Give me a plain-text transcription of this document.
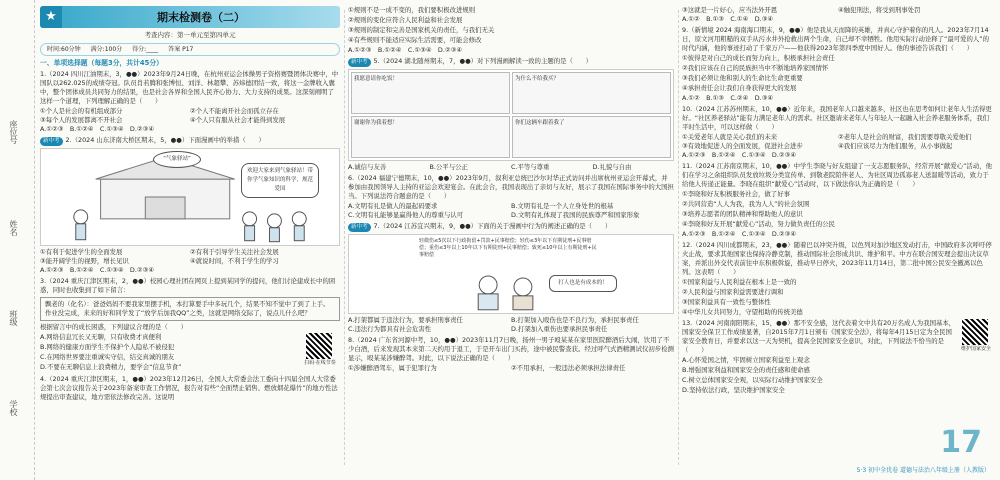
座位号
姓名
班级
学校
★	期末检测卷（二）
考查内容：第一单元至第四单元
时间:60分钟 满分:100分 得分:____ 答案 P17
一、单项选择题（每题3分，共计45分）

1.（2024 四川江油期末，3，●●）2023年9月24日晚，在杭州亚运会体操男子资格赛暨团体决赛中，中国队以262.025的成绩夺冠。队员肖若腾和张博恒、刘洋、林超攀、苏炜德团结一致，将这一金牌收入囊中，整个团体成员共同努力的结果，也是社会各界和全国人民齐心协力、大力支持的成果。这深刻阐明了这样一个道理，下列理解正确的是（　　）

①个人是社会的有机组成部分	②个人不能离开社会而孤立存在
③每个人的发展都离不开社会	④个人只有服从社会才能得到发展

A.①②③　B.①②④　C.①③④　D.②③④

新中考 2.（2024 山东济南大桥区期末，5，●●）下面漫画中的举措（　　）

“气象驿站”
欢迎大家来到气象驿站！带你学气象知识的科学，规范爱国
①有利于促进学生的全面发展	②有利于引导学生关注社会发展
③能开阔学生的视野，增长见识	④就说时间，不利于学生的学习

A.①②③　B.①②④　C.①③④　D.②③④

3.（2024 重庆江津区期末，2，●●）校园心理社团在网页上提到某同学的提问，他们讨论建成长中的困惑，同时也收集到了如下留言：

飘老的（化名）：爸爸妈妈不要我家里摆手机，本打算要手中多玩几个，结果不知不觉中了到了上手。作业没完成，来来的好和同学发了“放学后加我QQ”之类，这就是网络交际了，说点儿什么吧？

根据留言中的成长困惑，下列建议合理的是（　　）

A.网络信息冗长又无聊，只有收费才真便利

B.网络的健康方面学生不保护个人隐私不被侵犯

C.在网络世界要注重诚实守信，结交真诚的朋友

D.不要在无聊信息上浪费精力，要学会“信息节食”	扫码·在线节奏

4.（2024 重庆江津区期末，1，●●）2023年12月26日，全国人大常委会法工委向十四届全国人大常委会第七次会议报告关于2023年备案审查工作情况，报告对有些“全面禁止销售、燃放烟花爆竹”的地方性法规提出审查建议，地方需依法修改完善。这说明

①规则不是一成不变的，我们要积极改进规则

②规则的变化应符合人民利益和社会发展

③规则的制定和完善是国家机关的责任，与我们无关

④有些规则不能适应实际生活需要，可能会修改

A.①②③　B.①②④　C.①③④　D.②③④

新中考 5.（2024 湖北随州期末，7，●●）对下列漫画解读一致的主题的是（　　）

我愿意请你吃饭！	为什么不给我买？
谢谢你为我着想！	你们这辆车跟着我了
A.诚信与友善	B.公平与公正	C.平等与尊重	D.礼貌与自由

6.（2024 福建宁德期末，10，●●）2023年9月，叙利亚总统巴沙尔对华正式访问并出席杭州亚运会开幕式，并参加由我国领导人主持的亚运会欢迎宴会。在此会合，我国表现出了亲切与友好，展示了我国在国际事务中的大国担当。下列说法符合题意的是（　　）

A.文明有礼是做人的最起码要求	B.文明有礼是一个人立身处世的根基
C.文明有礼能够显赢得他人的尊重与认可	D.文明有礼体现了我国的民族尊严和国家形象

新中考 7.（2024 江苏宜兴期末，9，●●）下面的关于漫画中行为的阐述正确的是（　　）

轻微伤≤5次以下行政拘留+罚款+民事赔偿；轻伤≤3年以下有期徒刑+民事赔偿；重伤≤3年以上10年以下有期徒刑+民事赔偿；致死≤10年以上有期徒刑+民事赔偿
打人也是有成本的！
A.打架都属于违法行为，要承担刑事责任	B.打架加入殴伤也是不良行为，承担民事责任
C.违法行为都具有社会危害性	D.打架加入重伤也要承担民事责任

8.（2024 广东省河源中考，10，●●）2023年11月7日晚，扬州一男子殴某某在家里医院醉酒后大闹，饮用了不少白酒，后来发现其本来第二天约用于退工，于是开车出门买药，途中被民警查获。经过呼气式酒精测试仪初步检测显示，殴某某涉嫌醉驾。对此，以下说法正确的是（　　）

①涉嫌醉酒驾车，属于犯罪行为	②不用承担，一般违法必须承担法律责任
③这就是一片好心，应当法外开恩	④触犯刑法，将受到刑事处罚

A.①②　B.①③　C.①④　D.③④

9.（新情境 2024 海南海口期末，9，●●）他是我从天而降的英雄，并真心守护着你的凡人。2023年7月14日，原文河用粗糙的双手从污水井外抢救出两个生命，自己却不幸牺牲。他用实际行动诠释了“最可爱的人”的时代内涵，他的事迹打动了千家万户——他获得2023年第四季度中国好人。他的事迹告诉我们（　　）

①彼得是对自己的成长而努力向上，积极承担社会责任

②我们应该在自己的民族担当中不断地培养家国情怀

③我们必须让他和别人的生命比生命更重要

④承担责任会让我们自身获得更大的发展

A.①②　B.①③　C.②④　D.③④

10.（2024 江苏苏州期末，10，●●）近年来，我国老年人口越来越多，社区也在思考如何让老年人生活得更好。“社区养老驿站”能有力满足老年人的需求。社区邀请来老年人与年轻人一起融入社会养老服务体系，我们平时生活中，可以这样做（　　）

①关爱老年人就是关心我们的未来	②老年人是社会的财富，我们需要尊敬关爱他们
③有效地促进人的全面发展，促进社会进步	④我们应该尽力为他们服务，从小事做起

A.①②③　B.①②④　C.①③④　D.②③④

11.（2024 江苏南京期末，10，●●）中学生李晓与好友组建了一支志愿服务队，经常开展“献爱心”活动，他们在学习之余组织队员发放垃圾分类宣传单、到敬老院陪伴老人、为社区周边孤寡老人送温暖等活动，致力于给他人传递正能量。李晓在组织“献爱心”活动时，以下做法你认为正确的是（　　）

①李晓和好友积极服务社会，做了好事

②共同营造“人人为我，我为人人”的社会氛围

③培养志愿者的团队精神和帮助他人的意识

④李晓和好友开展“献爱心”活动，努力做负责任的公民

A.①②③　B.①②④　C.①③④　D.②③④

12.（2024 四川成都期末，23，●●）随着巴以冲突升级，以色列对加沙地区发动打击，中国政府多次呼吁停火止战，要求其他国家也保持冷静克制，推动国际社会形成共识、维护和平。中方在联合国安理会提出决议草案，并派出外交代表前往中东积极斡旋，推动早日停火，2023年11月14日，第二批中国公民安全撤离以色列。这表明（　　）

①国家利益与人民利益在根本上是一致的

②人民利益与国家利益需要进行调和

③国家利益具有一致性与整体性

④中华儿女共同努力，守望相助的传统美德

13.（2024 河南南阳期末，15，●●）那不安全感，这代表着文中共有20万名成人为我国基本，国家安全保卫工作成绩显著，自2015年7月1日颁布《国家安全法》，将每年4月15日定为全民国家安全教育日，并要求以这一天为契机，提高全民国家安全意识，对此，下列说法不恰当的是（　　）	维护国家安全

A.心怀爱国之情，牢固树立国家利益至上观念

B.增强国家利益和国家安全的责任感和使命感

C.树立总体国家安全观，以实际行动维护国家安全

D.坚持依法行政，坚决维护国家安全

17
5·3 初中全优卷 道德与法治八年级上册（人教版）
